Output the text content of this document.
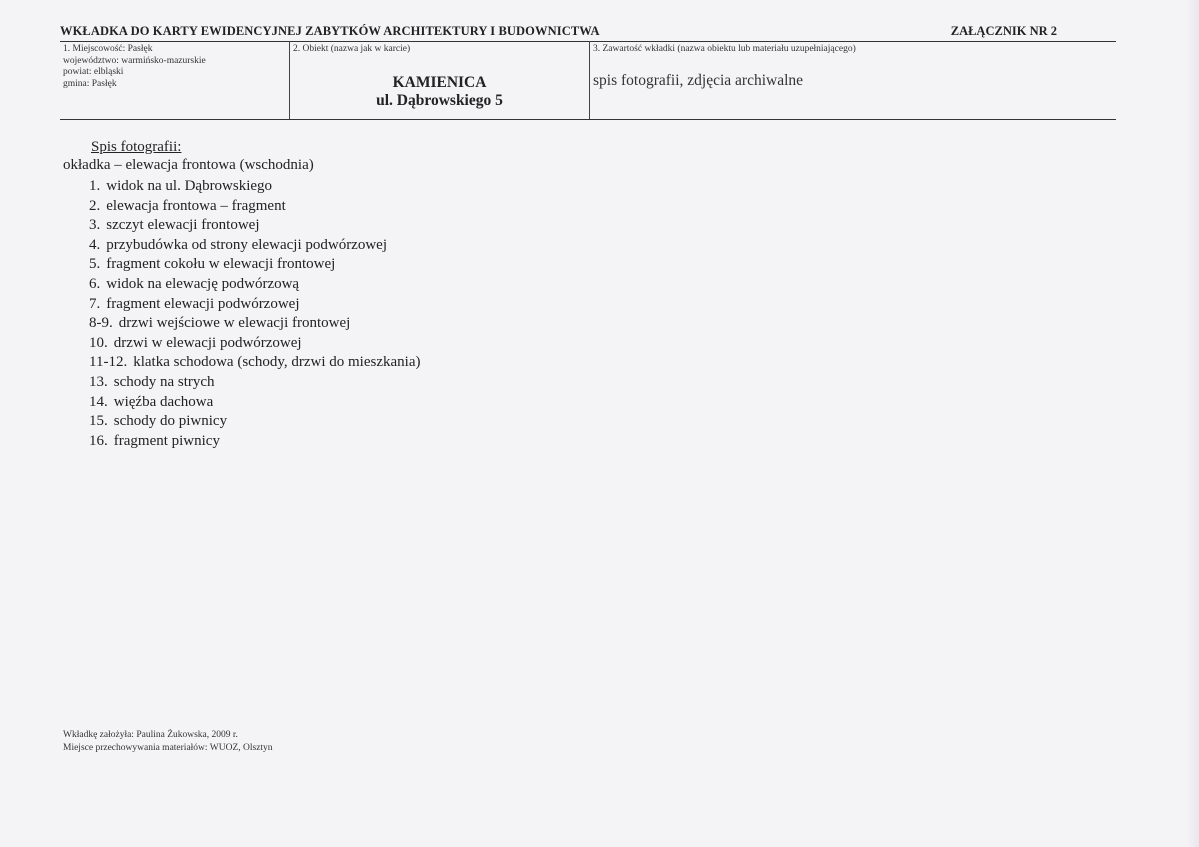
WKŁADKA DO KARTY EWIDENCYJNEJ ZABYTKÓW ARCHITEKTURY I BUDOWNICTWA	ZAŁĄCZNIK NR 2
1. Miejscowość: Pasłęk
województwo: warmińsko-mazurskie
powiat: elbląski
gmina: Pasłęk
2. Obiekt (nazwa jak w karcie)
KAMIENICA
ul. Dąbrowskiego 5
3. Zawartość wkładki (nazwa obiektu lub materiału uzupełniającego)
spis fotografii, zdjęcia archiwalne
Spis fotografii:
okładka – elewacja frontowa (wschodnia)
1. widok na ul. Dąbrowskiego
2. elewacja frontowa – fragment
3. szczyt elewacji frontowej
4. przybudówka od strony elewacji podwórzowej
5. fragment cokołu w elewacji frontowej
6. widok na elewację podwórzową
7. fragment elewacji podwórzowej
8-9. drzwi wejściowe w elewacji frontowej
10. drzwi w elewacji podwórzowej
11-12. klatka schodowa (schody, drzwi do mieszkania)
13. schody na strych
14. więźba dachowa
15. schody do piwnicy
16. fragment piwnicy
Wkładkę założyła: Paulina Żukowska, 2009 r.
Miejsce przechowywania materiałów: WUOZ, Olsztyn
